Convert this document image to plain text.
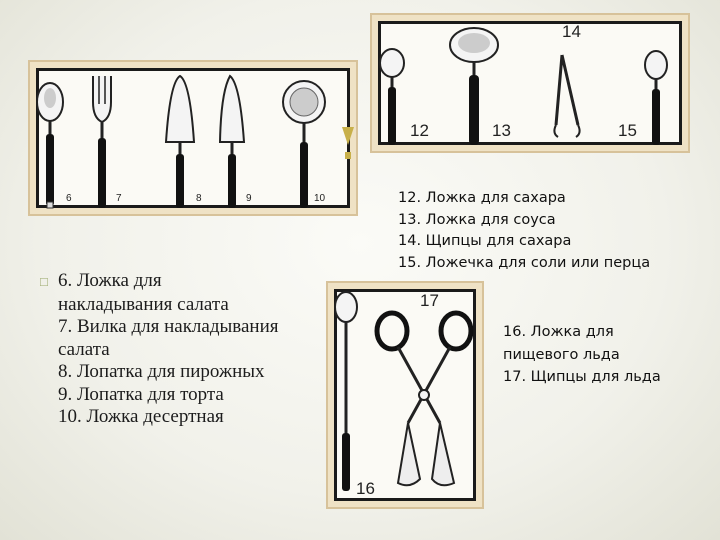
6	7	8	9	10
12	13
14
15
16
17
12. Ложка для сахара
13. Ложка для соуса
14. Щипцы для сахара
15. Ложечка для соли или перца
16. Ложка для
пищевого льда
17. Щипцы для льда
□ 6. Ложка для
накладывания салата
7. Вилка для накладывания
салата
8. Лопатка для пирожных
9. Лопатка для торта
10. Ложка десертная
